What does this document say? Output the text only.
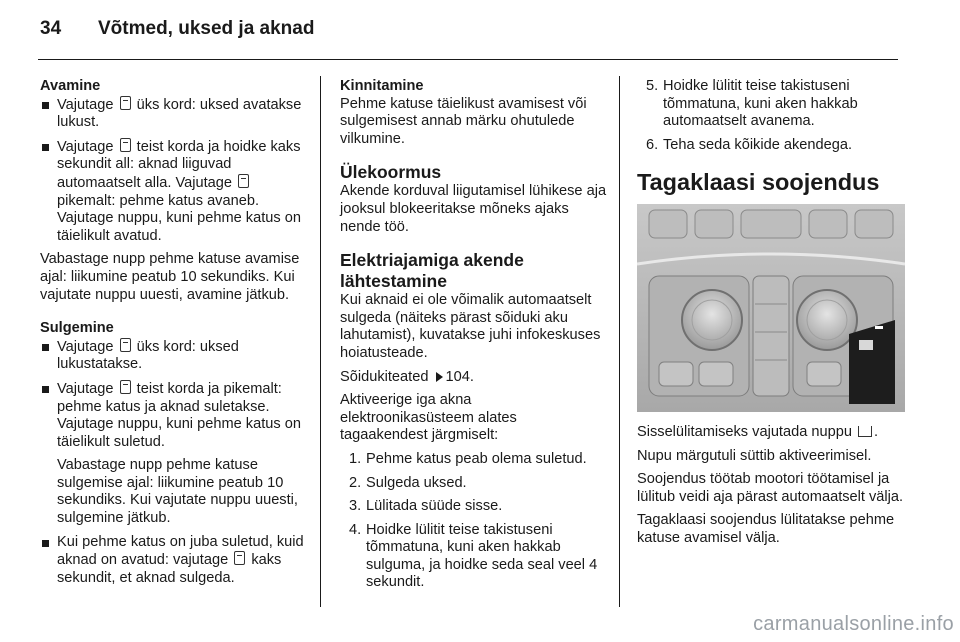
34 Võtmed, uksed ja aknad
Avamine
Vajutage üks kord: uksed avatakse lukust.
Vajutage teist korda ja hoidke kaks sekundit all: aknad liiguvad automaatselt alla. Vajutage  pikemalt: pehme katus avaneb. Vajutage nuppu, kuni pehme katus on täielikult avatud.
Vabastage nupp pehme katuse avamise ajal: liikumine peatub 10 sekundiks. Kui vajutate nuppu uuesti, avamine jätkub.
Sulgemine
Vajutage üks kord: uksed lukustatakse.
Vajutage teist korda ja pikemalt: pehme katus ja aknad suletakse. Vajutage nuppu, kuni pehme katus on täielikult suletud.
Vabastage nupp pehme katuse sulgemise ajal: liikumine peatub 10 sekundiks. Kui vajutate nuppu uuesti, sulgemine jätkub.
Kui pehme katus on juba suletud, kuid aknad on avatud: vajutage kaks sekundit, et aknad sulgeda.
Kinnitamine
Pehme katuse täielikust avamisest või sulgemisest annab märku ohutulede vilkumine.
Ülekoormus
Akende korduval liigutamisel lühikese aja jooksul blokeeritakse mõneks ajaks nende töö.
Elektriajamiga akende lähtestamine
Kui aknaid ei ole võimalik automaatselt sulgeda (näiteks pärast sõiduki aku lahutamist), kuvatakse juhi infokeskuses hoiatusteade.
Sõidukiteated 104.
Aktiveerige iga akna elektroonikasüsteem alates tagaakendest järgmiselt:
1. Pehme katus peab olema suletud.
2. Sulgeda uksed.
3. Lülitada süüde sisse.
4. Hoidke lülitit teise takistuseni tõmmatuna, kuni aken hakkab sulguma, ja hoidke seda seal veel 4 sekundit.
5. Hoidke lülitit teise takistuseni tõmmatuna, kuni aken hakkab automaatselt avanema.
6. Teha seda kõikide akendega.
Tagaklaasi soojendus
Sisselülitamiseks vajutada nuppu .
Nupu märgutuli süttib aktiveerimisel.
Soojendus töötab mootori töötamisel ja lülitub veidi aja pärast automaatselt välja.
Tagaklaasi soojendus lülitatakse pehme katuse avamisel välja.
carmanualsonline.info
